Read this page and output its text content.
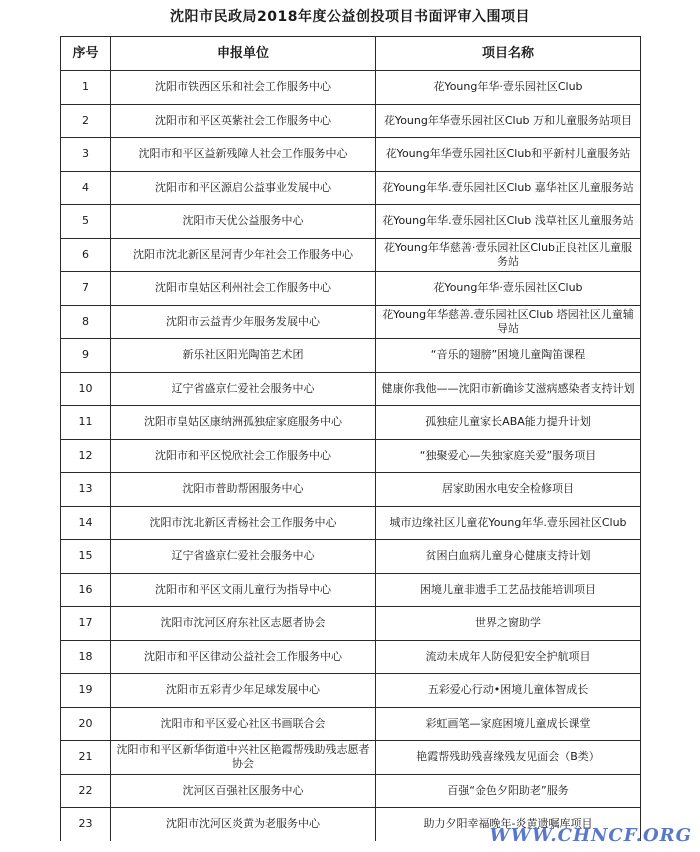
沈阳市民政局2018年度公益创投项目书面评审入围项目
序号	申报单位	项目名称
1	沈阳市铁西区乐和社会工作服务中心	花Young年华·壹乐园社区Club
2	沈阳市和平区英紫社会工作服务中心	花Young年华壹乐园社区Club 万和儿童服务站项目
3	沈阳市和平区益新残障人社会工作服务中心	花Young年华壹乐园社区Club和平新村儿童服务站
4	沈阳市和平区源启公益事业发展中心	花Young年华.壹乐园社区Club 嘉华社区儿童服务站
5	沈阳市天优公益服务中心	花Young年华.壹乐园社区Club 浅草社区儿童服务站
6	沈阳市沈北新区星河青少年社会工作服务中心	花Young年华慈善·壹乐园社区Club正良社区儿童服务站
7	沈阳市皇姑区利州社会工作服务中心	花Young年华·壹乐园社区Club
8	沈阳市云益青少年服务发展中心	花Young年华慈善.壹乐园社区Club 塔园社区儿童辅导站
9	新乐社区阳光陶笛艺术团	“音乐的翅膀”困境儿童陶笛课程
10	辽宁省盛京仁爱社会服务中心	健康你我他——沈阳市新确诊艾滋病感染者支持计划
11	沈阳市皇姑区康纳洲孤独症家庭服务中心	孤独症儿童家长ABA能力提升计划
12	沈阳市和平区悦欣社会工作服务中心	“独聚爱心—失独家庭关爱”服务项目
13	沈阳市普助帮困服务中心	居家助困水电安全检修项目
14	沈阳市沈北新区青杨社会工作服务中心	城市边缘社区儿童花Young年华.壹乐园社区Club
15	辽宁省盛京仁爱社会服务中心	贫困白血病儿童身心健康支持计划
16	沈阳市和平区文雨儿童行为指导中心	困境儿童非遗手工艺品技能培训项目
17	沈阳市沈河区府东社区志愿者协会	世界之窗助学
18	沈阳市和平区律动公益社会工作服务中心	流动未成年人防侵犯安全护航项目
19	沈阳市五彩青少年足球发展中心	五彩爱心行动•困境儿童体智成长
20	沈阳市和平区爱心社区书画联合会	彩虹画笔—家庭困境儿童成长课堂
21	沈阳市和平区新华街道中兴社区艳霞帮残助残志愿者协会	艳霞帮残助残喜缘残友见面会（B类）
22	沈河区百强社区服务中心	百强“金色夕阳助老”服务
23	沈阳市沈河区炎黄为老服务中心	助力夕阳幸福晚年-炎黄遗嘱库项目
WWW.CHNCF.ORG
